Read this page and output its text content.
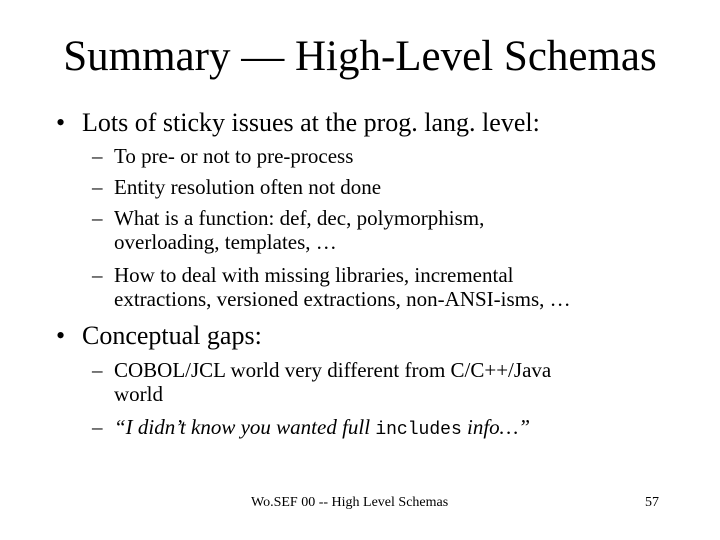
Summary — High-Level Schemas
• Lots of sticky issues at the prog. lang. level:
– To pre- or not to pre-process
– Entity resolution often not done
– What is a function: def, dec, polymorphism,
overloading, templates, …
– How to deal with missing libraries, incremental
extractions, versioned extractions, non-ANSI-isms, …
• Conceptual gaps:
– COBOL/JCL world very different from C/C++/Java
world
– “I didn’t know you wanted full includes info…”
Wo.SEF 00 -- High Level Schemas	57
